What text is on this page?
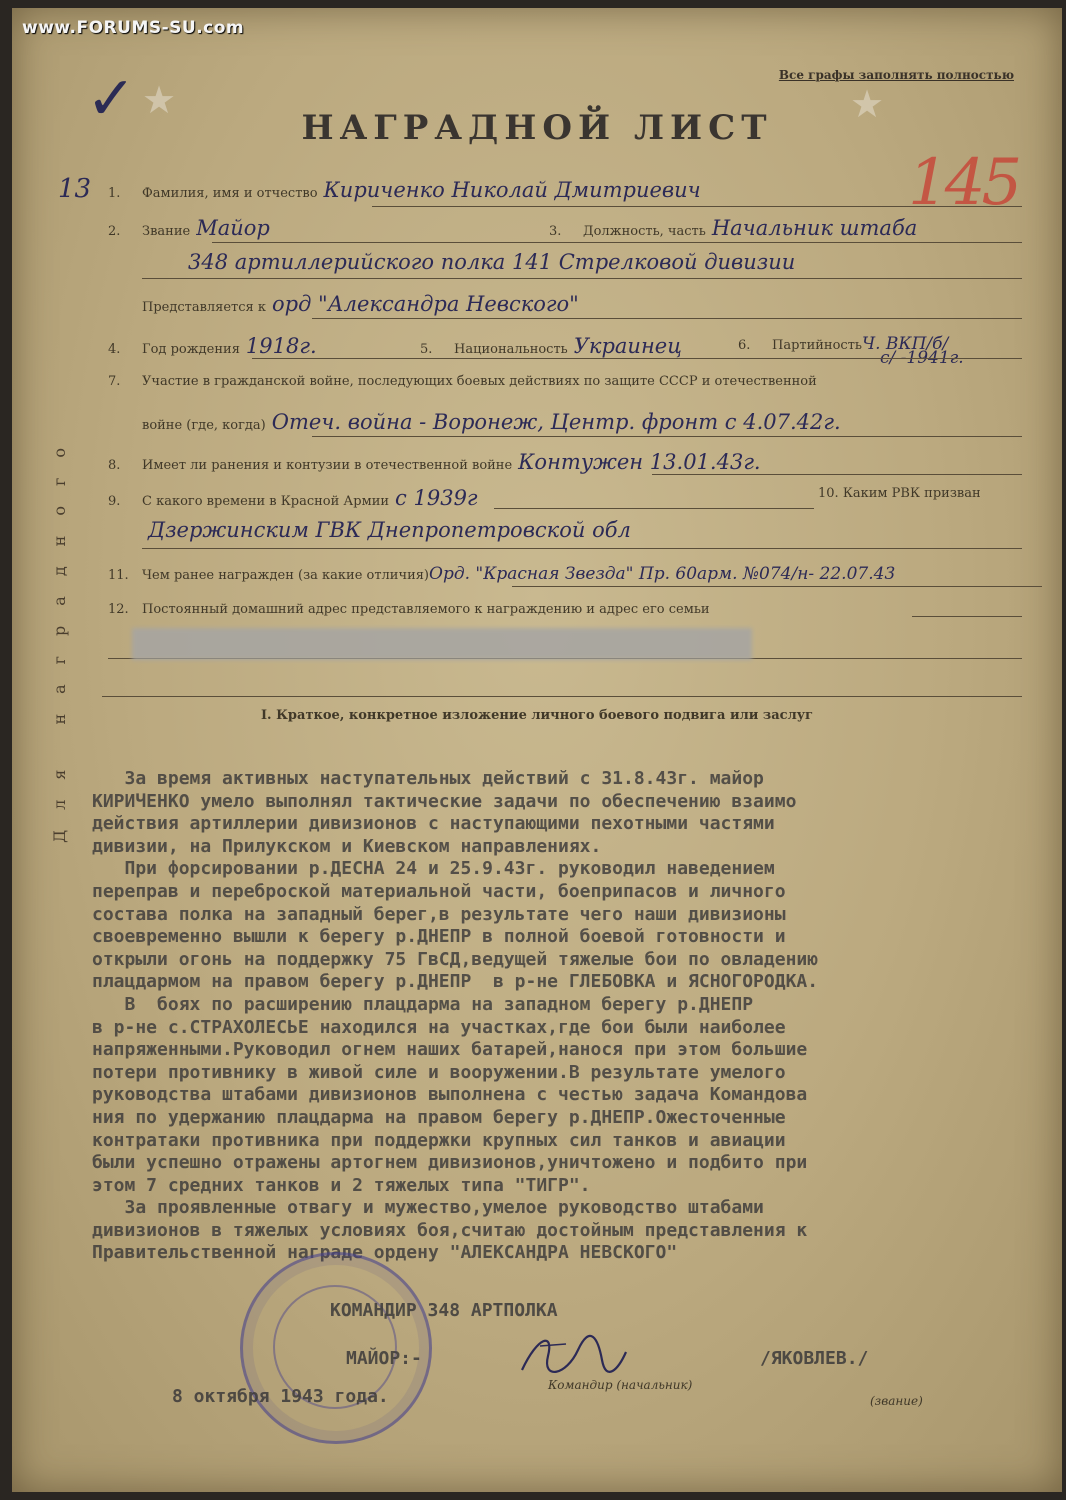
www.FORUMS-SU.com
Все графы заполнять полностью
✓ ★	★
НАГРАДНОЙ ЛИСТ
13	145
Для наградного
1. Фамилия, имя и отчество Кириченко Николай Дмитриевич
2. Звание Майор	3. Должность, часть Начальник штаба
348 артиллерийского полка 141 Стрелковой дивизии
Представляется к орд "Александра Невского"
4. Год рождения 1918г.	5. Национальность Украинец	6. ПартийностьЧ. ВКП/б/
с/ -1941г.
7. Участие в гражданской войне, последующих боевых действиях по защите СССР и отечественной
войне (где, когда) Отеч. война - Воронеж, Центр. фронт с 4.07.42г.
8. Имеет ли ранения и контузии в отечественной войне Контужен 13.01.43г.
9. С какого времени в Красной Армии с 1939г	10. Каким РВК призван
Дзержинским ГВК Днепропетровской обл
11. Чем ранее награжден (за какие отличия)Орд. "Красная Звезда" Пр. 60арм. №074/н- 22.07.43
12. Постоянный домашний адрес представляемого к награждению и адрес его семьи
I. Краткое, конкретное изложение личного боевого подвига или заслуг

За время активных наступательных действий с 31.8.43г. майор

КИРИЧЕНКО умело выполнял тактические задачи по обеспечению взаимо

действия артиллерии дивизионов с наступающими пехотными частями

дивизии, на Прилукском и Киевском направлениях.

При форсировании р.ДЕСНА 24 и 25.9.43г. руководил наведением

переправ и переброской материальной части, боеприпасов и личного

состава полка на западный берег,в результате чего наши дивизионы

своевременно вышли к берегу р.ДНЕПР в полной боевой готовности и

открыли огонь на поддержку 75 ГвСД,ведущей тяжелые бои по овладению

плацдармом на правом берегу р.ДНЕПР  в р-не ГЛЕБОВКА и ЯСНОГОРОДКА.

В  боях по расширению плацдарма на западном берегу р.ДНЕПР

в р-не с.СТРАХОЛЕСЬЕ находился на участках,где бои были наиболее

напряженными.Руководил огнем наших батарей,нанося при этом большие

потери противнику в живой силе и вооружении.В результате умелого

руководства штабами дивизионов выполнена с честью задача Командова

ния по удержанию плацдарма на правом берегу р.ДНЕПР.Ожесточенные

контратаки противника при поддержки крупных сил танков и авиации

были успешно отражены артогнем дивизионов,уничтожено и подбито при

этом 7 средних танков и 2 тяжелых типа "ТИГР".

За проявленные отвагу и мужество,умелое руководство штабами

дивизионов в тяжелых условиях боя,считаю достойным представления к

Правительственной награде ордену "АЛЕКСАНДРА НЕВСКОГО"

КОМАНДИР 348 АРТПОЛКА
МАЙОР:-	/ЯКОВЛЕВ./
Командир (начальник)
(звание)
8 октября 1943 года.
